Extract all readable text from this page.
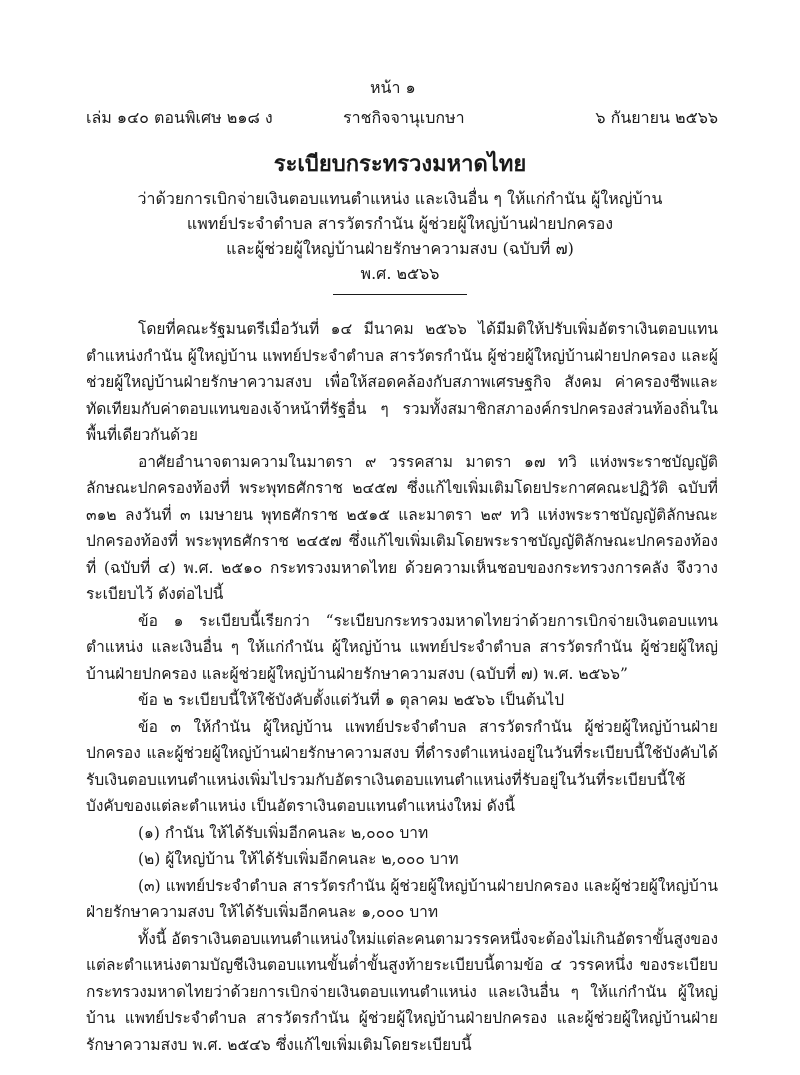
หน้า ๑
เล่ม ๑๔๐ ตอนพิเศษ ๒๑๘ ง	ราชกิจจานุเบกษา	๖ กันยายน ๒๕๖๖

ระเบียบกระทรวงมหาดไทย

ว่าด้วยการเบิกจ่ายเงินตอบแทนตำแหน่ง และเงินอื่น ๆ ให้แก่กำนัน ผู้ใหญ่บ้าน

แพทย์ประจำตำบล สารวัตรกำนัน ผู้ช่วยผู้ใหญ่บ้านฝ่ายปกครอง

และผู้ช่วยผู้ใหญ่บ้านฝ่ายรักษาความสงบ (ฉบับที่ ๗)

พ.ศ. ๒๕๖๖

โดยที่คณะรัฐมนตรีเมื่อวันที่ ๑๔ มีนาคม ๒๕๖๖ ได้มีมติให้ปรับเพิ่มอัตราเงินตอบแทนตำแหน่งกำนัน ผู้ใหญ่บ้าน แพทย์ประจำตำบล สารวัตรกำนัน ผู้ช่วยผู้ใหญ่บ้านฝ่ายปกครอง และผู้ช่วยผู้ใหญ่บ้านฝ่ายรักษาความสงบ เพื่อให้สอดคล้องกับสภาพเศรษฐกิจ สังคม ค่าครองชีพและทัดเทียมกับค่าตอบแทนของเจ้าหน้าที่รัฐอื่น ๆ รวมทั้งสมาชิกสภาองค์กรปกครองส่วนท้องถิ่นในพื้นที่เดียวกันด้วย

อาศัยอำนาจตามความในมาตรา ๙ วรรคสาม มาตรา ๑๗ ทวิ แห่งพระราชบัญญัติลักษณะปกครองท้องที่ พระพุทธศักราช ๒๔๕๗ ซึ่งแก้ไขเพิ่มเติมโดยประกาศคณะปฏิวัติ ฉบับที่ ๓๑๒ ลงวันที่ ๓ เมษายน พุทธศักราช ๒๕๑๕ และมาตรา ๒๙ ทวิ แห่งพระราชบัญญัติลักษณะปกครองท้องที่ พระพุทธศักราช ๒๔๕๗ ซึ่งแก้ไขเพิ่มเติมโดยพระราชบัญญัติลักษณะปกครองท้องที่ (ฉบับที่ ๔) พ.ศ. ๒๕๑๐ กระทรวงมหาดไทย ด้วยความเห็นชอบของกระทรวงการคลัง จึงวางระเบียบไว้ ดังต่อไปนี้

ข้อ ๑ ระเบียบนี้เรียกว่า “ระเบียบกระทรวงมหาดไทยว่าด้วยการเบิกจ่ายเงินตอบแทนตำแหน่ง และเงินอื่น ๆ ให้แก่กำนัน ผู้ใหญ่บ้าน แพทย์ประจำตำบล สารวัตรกำนัน ผู้ช่วยผู้ใหญ่บ้านฝ่ายปกครอง และผู้ช่วยผู้ใหญ่บ้านฝ่ายรักษาความสงบ (ฉบับที่ ๗) พ.ศ. ๒๕๖๖”

ข้อ ๒ ระเบียบนี้ให้ใช้บังคับตั้งแต่วันที่ ๑ ตุลาคม ๒๕๖๖ เป็นต้นไป

ข้อ ๓ ให้กำนัน ผู้ใหญ่บ้าน แพทย์ประจำตำบล สารวัตรกำนัน ผู้ช่วยผู้ใหญ่บ้านฝ่ายปกครอง และผู้ช่วยผู้ใหญ่บ้านฝ่ายรักษาความสงบ ที่ดำรงตำแหน่งอยู่ในวันที่ระเบียบนี้ใช้บังคับได้รับเงินตอบแทนตำแหน่งเพิ่มไปรวมกับอัตราเงินตอบแทนตำแหน่งที่รับอยู่ในวันที่ระเบียบนี้ใช้บังคับของแต่ละตำแหน่ง เป็นอัตราเงินตอบแทนตำแหน่งใหม่ ดังนี้

(๑) กำนัน ให้ได้รับเพิ่มอีกคนละ ๒,๐๐๐ บาท

(๒) ผู้ใหญ่บ้าน ให้ได้รับเพิ่มอีกคนละ ๒,๐๐๐ บาท

(๓) แพทย์ประจำตำบล สารวัตรกำนัน ผู้ช่วยผู้ใหญ่บ้านฝ่ายปกครอง และผู้ช่วยผู้ใหญ่บ้านฝ่ายรักษาความสงบ ให้ได้รับเพิ่มอีกคนละ ๑,๐๐๐ บาท

ทั้งนี้ อัตราเงินตอบแทนตำแหน่งใหม่แต่ละคนตามวรรคหนึ่งจะต้องไม่เกินอัตราขั้นสูงของแต่ละตำแหน่งตามบัญชีเงินตอบแทนขั้นต่ำขั้นสูงท้ายระเบียบนี้ตามข้อ ๔ วรรคหนึ่ง ของระเบียบกระทรวงมหาดไทยว่าด้วยการเบิกจ่ายเงินตอบแทนตำแหน่ง และเงินอื่น ๆ ให้แก่กำนัน ผู้ใหญ่บ้าน แพทย์ประจำตำบล สารวัตรกำนัน ผู้ช่วยผู้ใหญ่บ้านฝ่ายปกครอง และผู้ช่วยผู้ใหญ่บ้านฝ่ายรักษาความสงบ พ.ศ. ๒๕๔๖ ซึ่งแก้ไขเพิ่มเติมโดยระเบียบนี้
